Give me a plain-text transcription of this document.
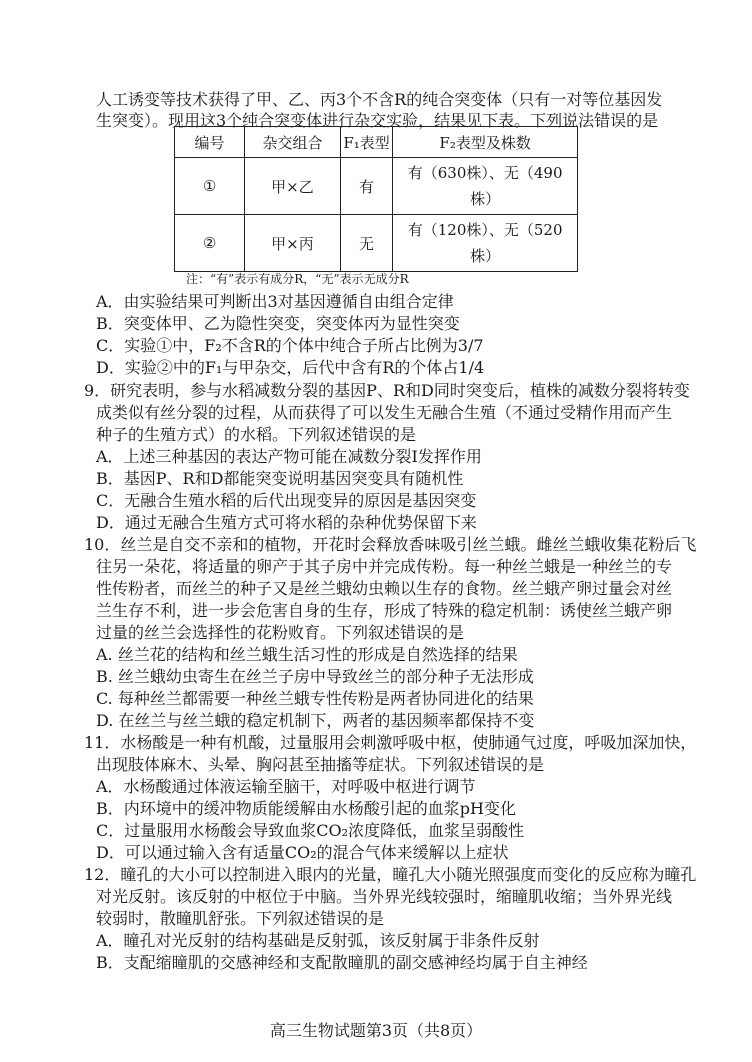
人工诱变等技术获得了甲、乙、丙3个不含R的纯合突变体（只有一对等位基因发
生突变）。现用这3个纯合突变体进行杂交实验，结果见下表。下列说法错误的是
编号	杂交组合	F₁表型	F₂表型及株数
①	甲×乙	有	有（630株）、无（490
株）

②	甲×丙	无	有（120株）、无（520
株）
注：“有”表示有成分R，“无”表示无成分R
A．由实验结果可判断出3对基因遵循自由组合定律
B．突变体甲、乙为隐性突变，突变体丙为显性突变
C．实验①中，F₂不含R的个体中纯合子所占比例为3/7
D．实验②中的F₁与甲杂交，后代中含有R的个体占1/4
9．研究表明，参与水稻减数分裂的基因P、R和D同时突变后，植株的减数分裂将转变
成类似有丝分裂的过程，从而获得了可以发生无融合生殖（不通过受精作用而产生
种子的生殖方式）的水稻。下列叙述错误的是
A．上述三种基因的表达产物可能在减数分裂Ⅰ发挥作用
B．基因P、R和D都能突变说明基因突变具有随机性
C．无融合生殖水稻的后代出现变异的原因是基因突变
D．通过无融合生殖方式可将水稻的杂种优势保留下来
10．丝兰是自交不亲和的植物，开花时会释放香味吸引丝兰蛾。雌丝兰蛾收集花粉后飞
往另一朵花，将适量的卵产于其子房中并完成传粉。每一种丝兰蛾是一种丝兰的专
性传粉者，而丝兰的种子又是丝兰蛾幼虫赖以生存的食物。丝兰蛾产卵过量会对丝
兰生存不利，进一步会危害自身的生存，形成了特殊的稳定机制：诱使丝兰蛾产卵
过量的丝兰会选择性的花粉败育。下列叙述错误的是
A. 丝兰花的结构和丝兰蛾生活习性的形成是自然选择的结果
B. 丝兰蛾幼虫寄生在丝兰子房中导致丝兰的部分种子无法形成
C. 每种丝兰都需要一种丝兰蛾专性传粉是两者协同进化的结果
D. 在丝兰与丝兰蛾的稳定机制下，两者的基因频率都保持不变
11．水杨酸是一种有机酸，过量服用会刺激呼吸中枢，使肺通气过度，呼吸加深加快，
出现肢体麻木、头晕、胸闷甚至抽搐等症状。下列叙述错误的是
A．水杨酸通过体液运输至脑干，对呼吸中枢进行调节
B．内环境中的缓冲物质能缓解由水杨酸引起的血浆pH变化
C．过量服用水杨酸会导致血浆CO₂浓度降低，血浆呈弱酸性
D．可以通过输入含有适量CO₂的混合气体来缓解以上症状
12．瞳孔的大小可以控制进入眼内的光量，瞳孔大小随光照强度而变化的反应称为瞳孔
对光反射。该反射的中枢位于中脑。当外界光线较强时，缩瞳肌收缩；当外界光线
较弱时，散瞳肌舒张。下列叙述错误的是
A．瞳孔对光反射的结构基础是反射弧，该反射属于非条件反射
B．支配缩瞳肌的交感神经和支配散瞳肌的副交感神经均属于自主神经
高三生物试题第3页（共8页）
